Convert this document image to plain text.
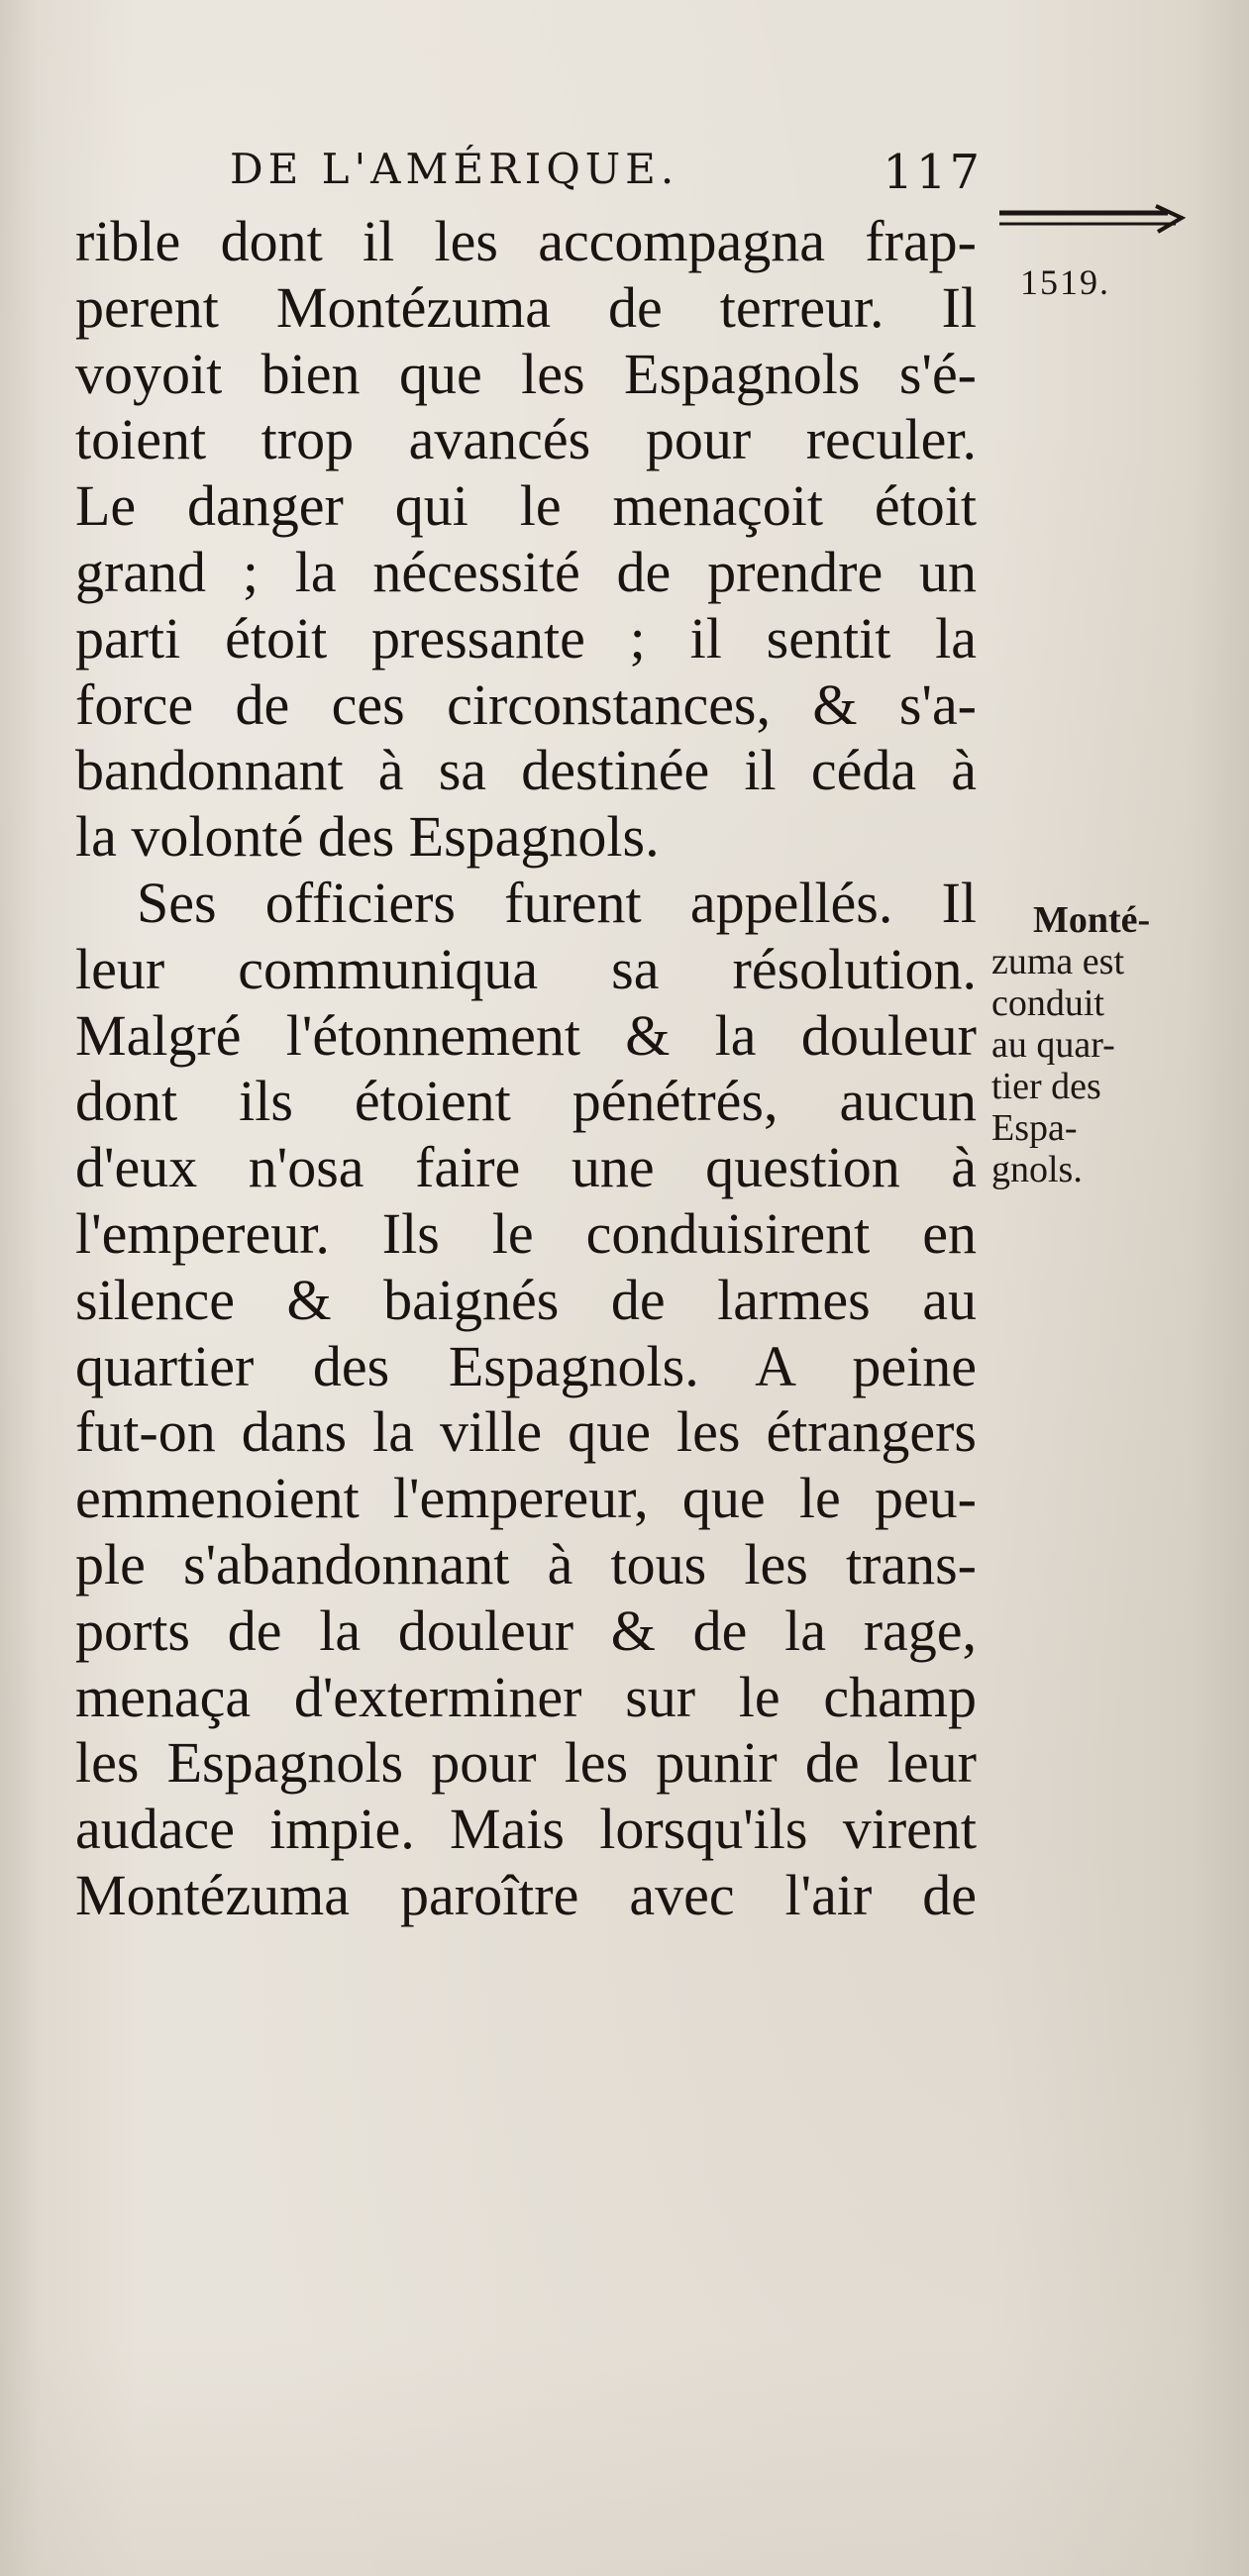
DE L'AMÉRIQUE.	117
1519.
rible dont il les accompagna frap-
perent Montézuma de terreur. Il
voyoit bien que les Espagnols s'é-
toient trop avancés pour reculer.
Le danger qui le menaçoit étoit
grand ; la nécessité de prendre un
parti étoit pressante ; il sentit la
force de ces circonstances, & s'a-
bandonnant à sa destinée il céda à
la volonté des Espagnols.
Ses officiers furent appellés. Il
leur communiqua sa résolution.
Malgré l'étonnement & la douleur
dont ils étoient pénétrés, aucun
d'eux n'osa faire une question à
l'empereur. Ils le conduisirent en
silence & baignés de larmes au
quartier des Espagnols. A peine
fut-on dans la ville que les étrangers
emmenoient l'empereur, que le peu-
ple s'abandonnant à tous les trans-
ports de la douleur & de la rage,
menaça d'exterminer sur le champ
les Espagnols pour les punir de leur
audace impie. Mais lorsqu'ils virent
Montézuma paroître avec l'air de
Monté-
zuma est
conduit
au quar-
tier des
Espa-
gnols.
